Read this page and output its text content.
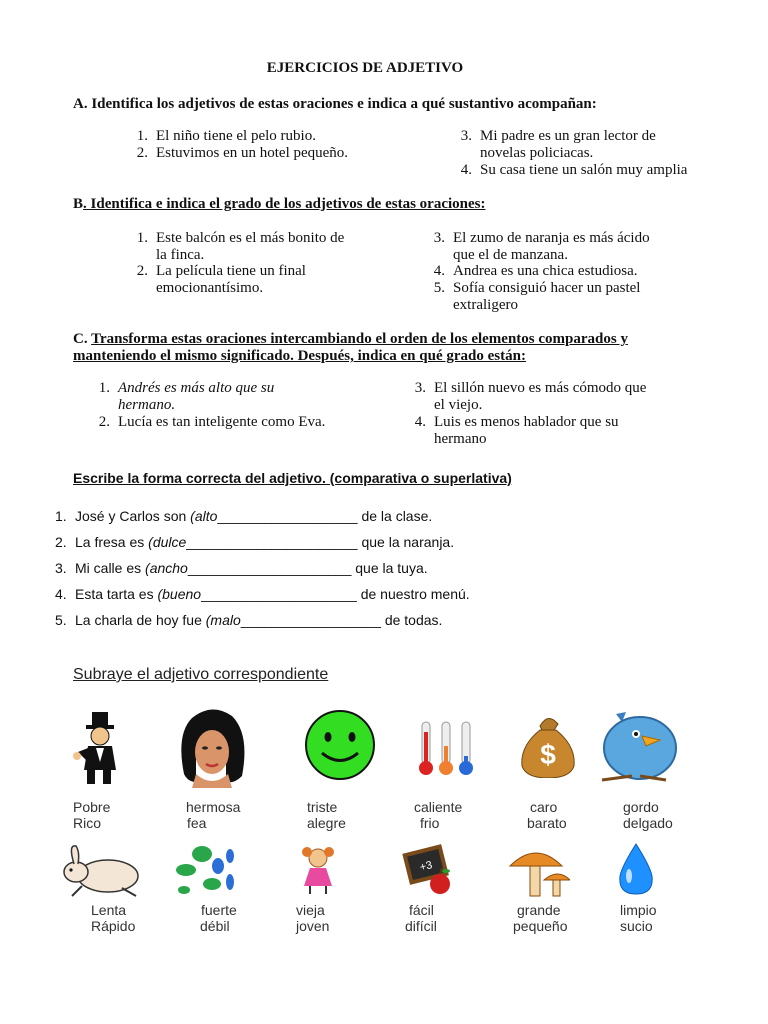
EJERCICIOS DE ADJETIVO
A. Identifica los adjetivos de estas oraciones e indica a qué sustantivo acompañan:
1. El niño tiene el pelo rubio.
2. Estuvimos en un hotel pequeño.
3. Mi padre es un gran lector de
novelas policiacas.
4. Su casa tiene un salón muy amplia
B. Identifica e indica el grado de los adjetivos de estas oraciones:
1. Este balcón es el más bonito de
la finca.
2. La película tiene un final
emocionantísimo.
3. El zumo de naranja es más ácido
que el de manzana.
4. Andrea es una chica estudiosa.
5. Sofía consiguió hacer un pastel
extraligero
C. Transforma estas oraciones intercambiando el orden de los elementos comparados y manteniendo el mismo significado. Después, indica en qué grado están:
1. Andrés es más alto que su
hermano.
2. Lucía es tan inteligente como Eva.
3. El sillón nuevo es más cómodo que
el viejo.
4. Luis es menos hablador que su
hermano
Escribe la forma correcta del adjetivo. (comparativa o superlativa)
1. José y Carlos son (alto__________________ de la clase.
2. La fresa es (dulce______________________ que la naranja.
3. Mi calle es (ancho_____________________ que la tuya.
4. Esta tarta es (bueno____________________ de nuestro menú.
5. La charla de hoy fue (malo__________________ de todas.
Subraye el adjetivo correspondiente
$
Pobre
Rico
hermosa
fea
triste
alegre
caliente
frio
caro
barato
gordo
delgado
+3
Lenta
Rápido
fuerte
débil
vieja
joven
fácil
difícil
grande
pequeño
limpio
sucio
